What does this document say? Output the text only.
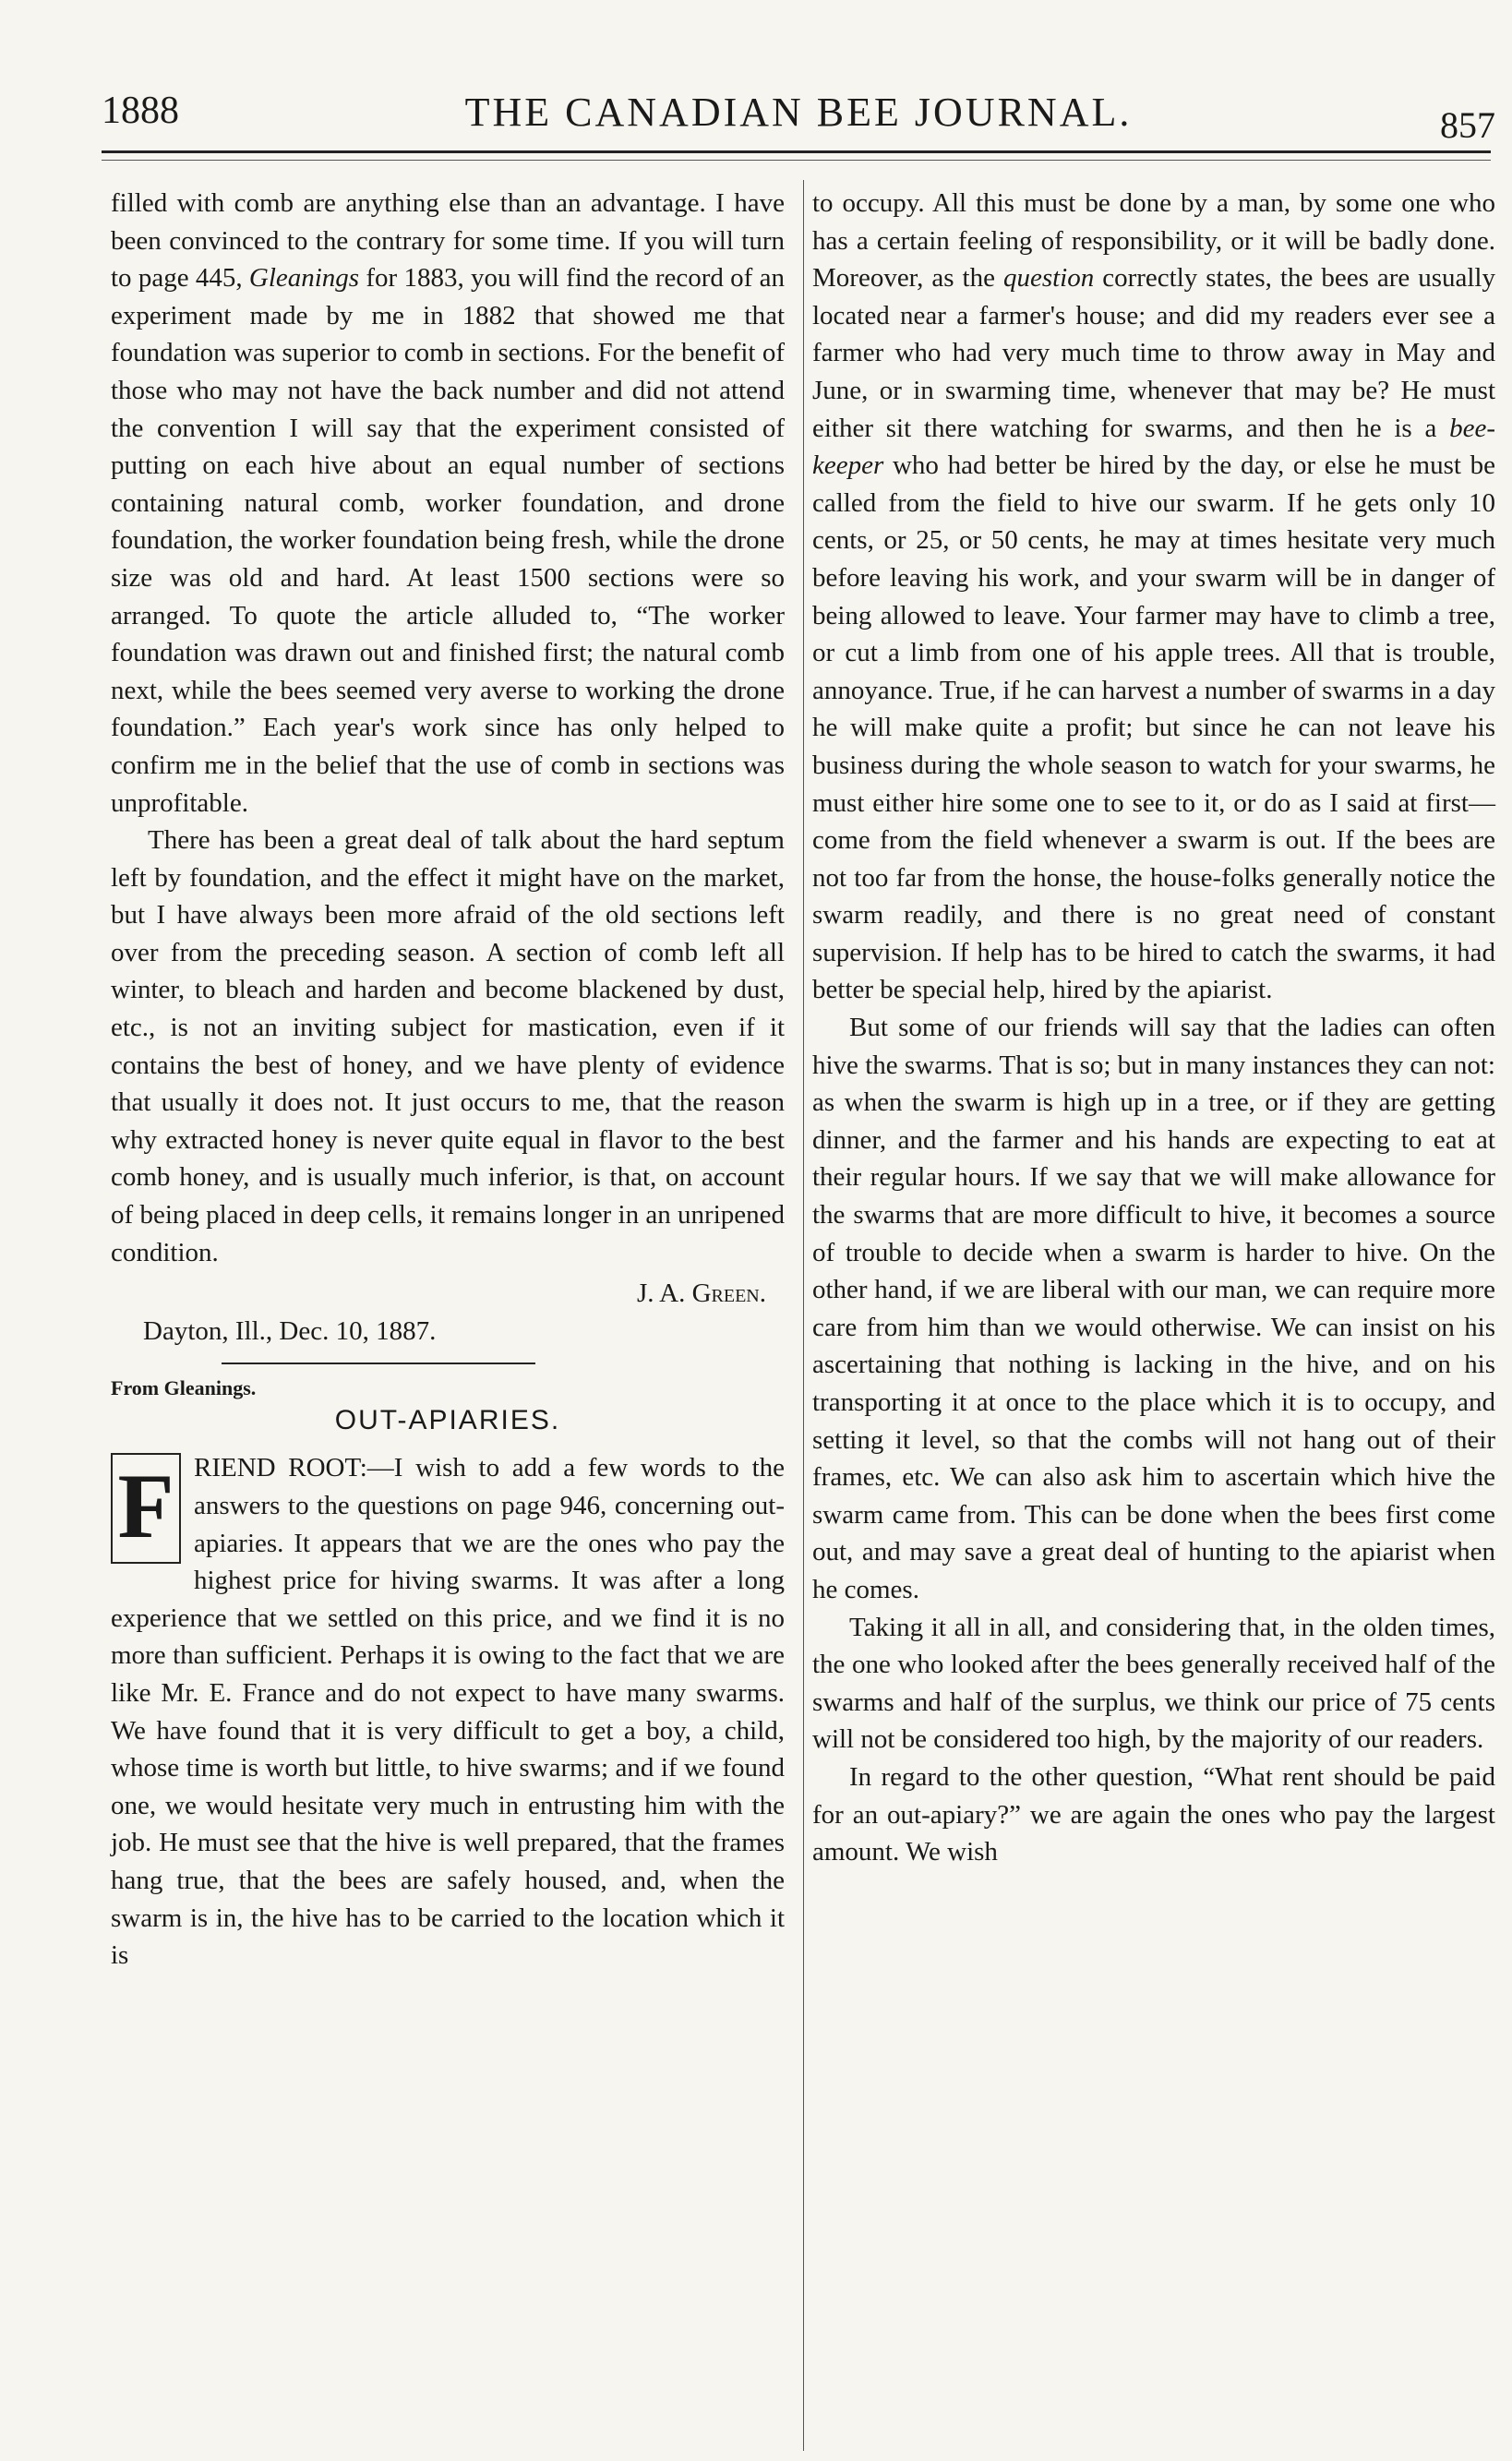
1888	THE CANADIAN BEE JOURNAL.	857

filled with comb are anything else than an advantage. I have been convinced to the contrary for some time. If you will turn to page 445, Gleanings for 1883, you will find the record of an experiment made by me in 1882 that showed me that foundation was superior to comb in sections. For the benefit of those who may not have the back number and did not attend the convention I will say that the experiment consisted of putting on each hive about an equal number of sections containing natural comb, worker foundation, and drone foundation, the worker foundation being fresh, while the drone size was old and hard. At least 1500 sections were so arranged. To quote the article alluded to, “The worker foundation was drawn out and finished first; the natural comb next, while the bees seemed very averse to working the drone foundation.” Each year's work since has only helped to confirm me in the belief that the use of comb in sections was unprofitable.

There has been a great deal of talk about the hard septum left by foundation, and the effect it might have on the market, but I have always been more afraid of the old sections left over from the preceding season. A section of comb left all winter, to bleach and harden and become blackened by dust, etc., is not an inviting subject for mastication, even if it contains the best of honey, and we have plenty of evidence that usually it does not. It just occurs to me, that the reason why extracted honey is never quite equal in flavor to the best comb honey, and is usually much inferior, is that, on account of being placed in deep cells, it remains longer in an unripened condition.

J. A. Green.
Dayton, Ill., Dec. 10, 1887.
From Gleanings.
OUT-APIARIES.

F RIEND ROOT:—I wish to add a few words to the answers to the questions on page 946, concerning out-apiaries. It appears that we are the ones who pay the highest price for hiving swarms. It was after a long experience that we settled on this price, and we find it is no more than sufficient. Perhaps it is owing to the fact that we are like Mr. E. France and do not expect to have many swarms. We have found that it is very difficult to get a boy, a child, whose time is worth but little, to hive swarms; and if we found one, we would hesitate very much in entrusting him with the job. He must see that the hive is well prepared, that the frames hang true, that the bees are safely housed, and, when the swarm is in, the hive has to be carried to the location which it is

to occupy. All this must be done by a man, by some one who has a certain feeling of responsibility, or it will be badly done. Moreover, as the question correctly states, the bees are usually located near a farmer's house; and did my readers ever see a farmer who had very much time to throw away in May and June, or in swarming time, whenever that may be? He must either sit there watching for swarms, and then he is a bee-keeper who had better be hired by the day, or else he must be called from the field to hive our swarm. If he gets only 10 cents, or 25, or 50 cents, he may at times hesitate very much before leaving his work, and your swarm will be in danger of being allowed to leave. Your farmer may have to climb a tree, or cut a limb from one of his apple trees. All that is trouble, annoyance. True, if he can harvest a number of swarms in a day he will make quite a profit; but since he can not leave his business during the whole season to watch for your swarms, he must either hire some one to see to it, or do as I said at first—come from the field whenever a swarm is out. If the bees are not too far from the honse, the house-folks generally notice the swarm readily, and there is no great need of constant supervision. If help has to be hired to catch the swarms, it had better be special help, hired by the apiarist.

But some of our friends will say that the ladies can often hive the swarms. That is so; but in many instances they can not: as when the swarm is high up in a tree, or if they are getting dinner, and the farmer and his hands are expecting to eat at their regular hours. If we say that we will make allowance for the swarms that are more difficult to hive, it becomes a source of trouble to decide when a swarm is harder to hive. On the other hand, if we are liberal with our man, we can require more care from him than we would otherwise. We can insist on his ascertaining that nothing is lacking in the hive, and on his transporting it at once to the place which it is to occupy, and setting it level, so that the combs will not hang out of their frames, etc. We can also ask him to ascertain which hive the swarm came from. This can be done when the bees first come out, and may save a great deal of hunting to the apiarist when he comes.

Taking it all in all, and considering that, in the olden times, the one who looked after the bees generally received half of the swarms and half of the surplus, we think our price of 75 cents will not be considered too high, by the majority of our readers.

In regard to the other question, “What rent should be paid for an out-apiary?” we are again the ones who pay the largest amount. We wish
